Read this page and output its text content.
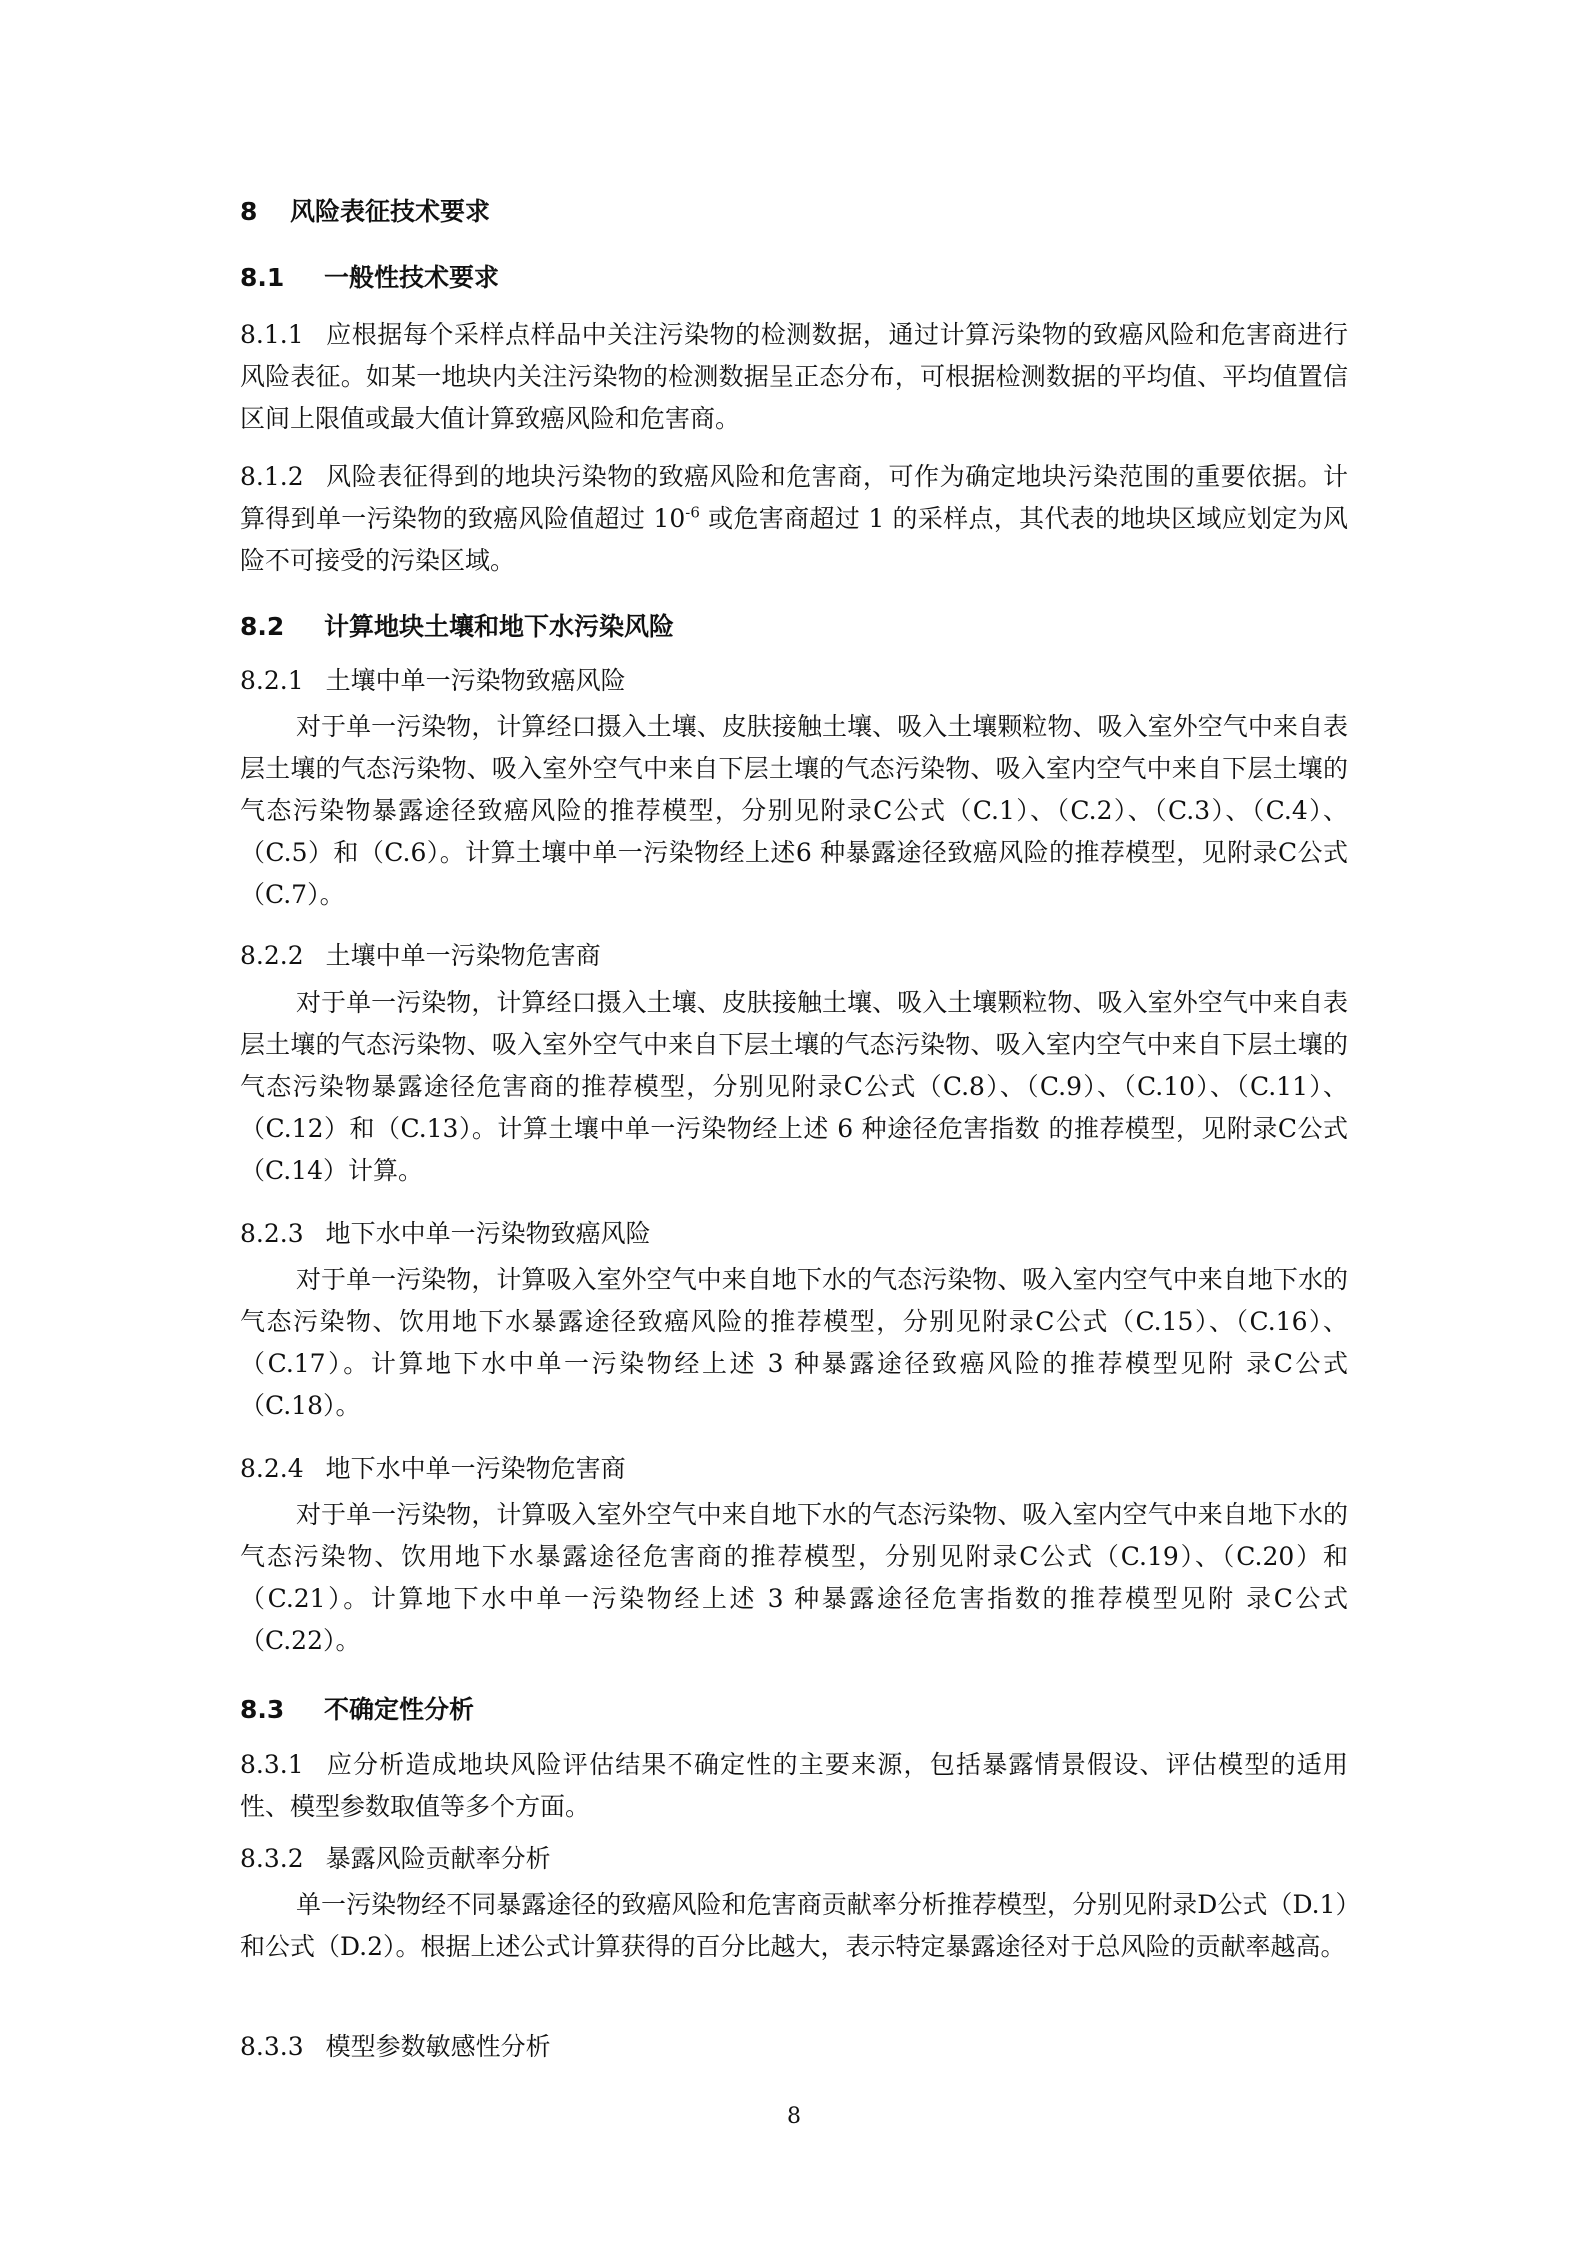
8 风险表征技术要求
8.1 一般性技术要求

8.1.1 应根据每个采样点样品中关注污染物的检测数据，通过计算污染物的致癌风险和危害商进行风险表征。如某一地块内关注污染物的检测数据呈正态分布，可根据检测数据的平均值、平均值置信区间上限值或最大值计算致癌风险和危害商。

8.1.2 风险表征得到的地块污染物的致癌风险和危害商，可作为确定地块污染范围的重要依据。计算得到单一污染物的致癌风险值超过 $10^{-6}$ 或危害商超过 1 的采样点，其代表的地块区域应划定为风险不可接受的污染区域。

8.2 计算地块土壤和地下水污染风险
8.2.1 土壤中单一污染物致癌风险

对于单一污染物，计算经口摄入土壤、皮肤接触土壤、吸入土壤颗粒物、吸入室外空气中来自表层土壤的气态污染物、吸入室外空气中来自下层土壤的气态污染物、吸入室内空气中来自下层土壤的气态污染物暴露途径致癌风险的推荐模型，分别见附录C公式（C.1）、（C.2）、（C.3）、（C.4）、（C.5）和（C.6）。计算土壤中单一污染物经上述6 种暴露途径致癌风险的推荐模型，见附录C公式（C.7）。

8.2.2 土壤中单一污染物危害商

对于单一污染物，计算经口摄入土壤、皮肤接触土壤、吸入土壤颗粒物、吸入室外空气中来自表层土壤的气态污染物、吸入室外空气中来自下层土壤的气态污染物、吸入室内空气中来自下层土壤的气态污染物暴露途径危害商的推荐模型，分别见附录C公式（C.8）、（C.9）、（C.10）、（C.11）、（C.12）和（C.13）。计算土壤中单一污染物经上述 6 种途径危害指数 的推荐模型，见附录C公式（C.14）计算。

8.2.3 地下水中单一污染物致癌风险

对于单一污染物，计算吸入室外空气中来自地下水的气态污染物、吸入室内空气中来自地下水的气态污染物、饮用地下水暴露途径致癌风险的推荐模型，分别见附录C公式（C.15）、（C.16）、（C.17）。计算地下水中单一污染物经上述 3 种暴露途径致癌风险的推荐模型见附 录C公式（C.18）。

8.2.4 地下水中单一污染物危害商

对于单一污染物，计算吸入室外空气中来自地下水的气态污染物、吸入室内空气中来自地下水的气态污染物、饮用地下水暴露途径危害商的推荐模型，分别见附录C公式（C.19）、（C.20）和（C.21）。计算地下水中单一污染物经上述 3 种暴露途径危害指数的推荐模型见附 录C公式（C.22）。

8.3 不确定性分析

8.3.1 应分析造成地块风险评估结果不确定性的主要来源，包括暴露情景假设、评估模型的适用性、模型参数取值等多个方面。

8.3.2 暴露风险贡献率分析

单一污染物经不同暴露途径的致癌风险和危害商贡献率分析推荐模型，分别见附录D公式（D.1）和公式（D.2）。根据上述公式计算获得的百分比越大，表示特定暴露途径对于总风险的贡献率越高。

8.3.3 模型参数敏感性分析

8
